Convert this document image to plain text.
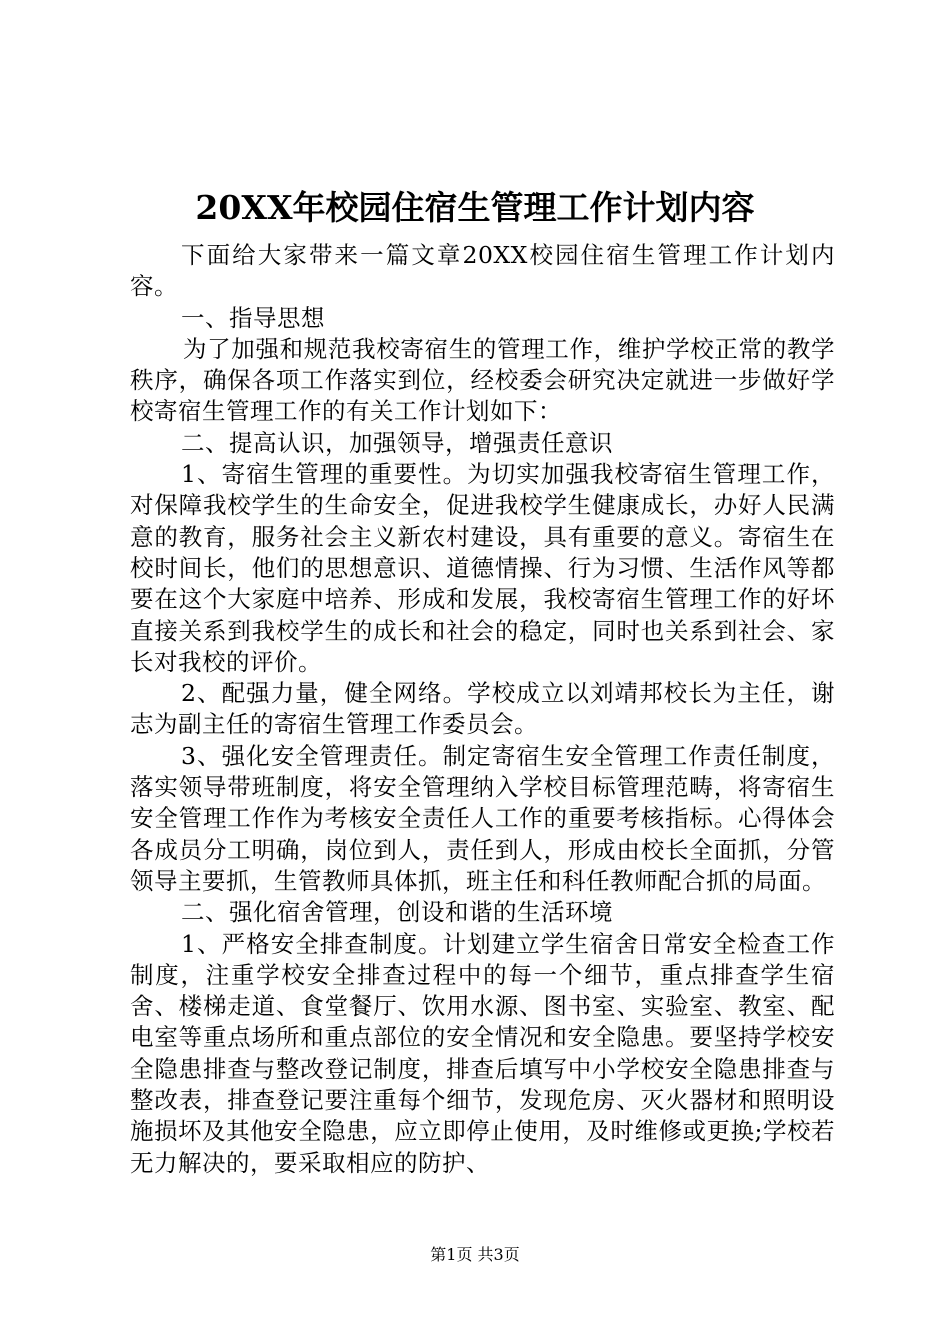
20XX年校园住宿生管理工作计划内容

下面给大家带来一篇文章20XX校园住宿生管理工作计划内容。

一、指导思想

为了加强和规范我校寄宿生的管理工作，维护学校正常的教学秩序，确保各项工作落实到位，经校委会研究决定就进一步做好学校寄宿生管理工作的有关工作计划如下：

二、提高认识，加强领导，增强责任意识

1、寄宿生管理的重要性。为切实加强我校寄宿生管理工作，对保障我校学生的生命安全，促进我校学生健康成长，办好人民满意的教育，服务社会主义新农村建设，具有重要的意义。寄宿生在校时间长，他们的思想意识、道德情操、行为习惯、生活作风等都要在这个大家庭中培养、形成和发展，我校寄宿生管理工作的好坏直接关系到我校学生的成长和社会的稳定，同时也关系到社会、家长对我校的评价。

2、配强力量，健全网络。学校成立以刘靖邦校长为主任，谢志为副主任的寄宿生管理工作委员会。

3、强化安全管理责任。制定寄宿生安全管理工作责任制度，落实领导带班制度，将安全管理纳入学校目标管理范畴，将寄宿生安全管理工作作为考核安全责任人工作的重要考核指标。心得体会各成员分工明确，岗位到人，责任到人，形成由校长全面抓，分管领导主要抓，生管教师具体抓，班主任和科任教师配合抓的局面。

二、强化宿舍管理，创设和谐的生活环境

1、严格安全排查制度。计划建立学生宿舍日常安全检查工作制度，注重学校安全排查过程中的每一个细节，重点排查学生宿舍、楼梯走道、食堂餐厅、饮用水源、图书室、实验室、教室、配电室等重点场所和重点部位的安全情况和安全隐患。要坚持学校安全隐患排查与整改登记制度，排查后填写中小学校安全隐患排查与整改表，排查登记要注重每个细节，发现危房、灭火器材和照明设施损坏及其他安全隐患，应立即停止使用，及时维修或更换;学校若无力解决的，要采取相应的防护、

第1页 共3页
